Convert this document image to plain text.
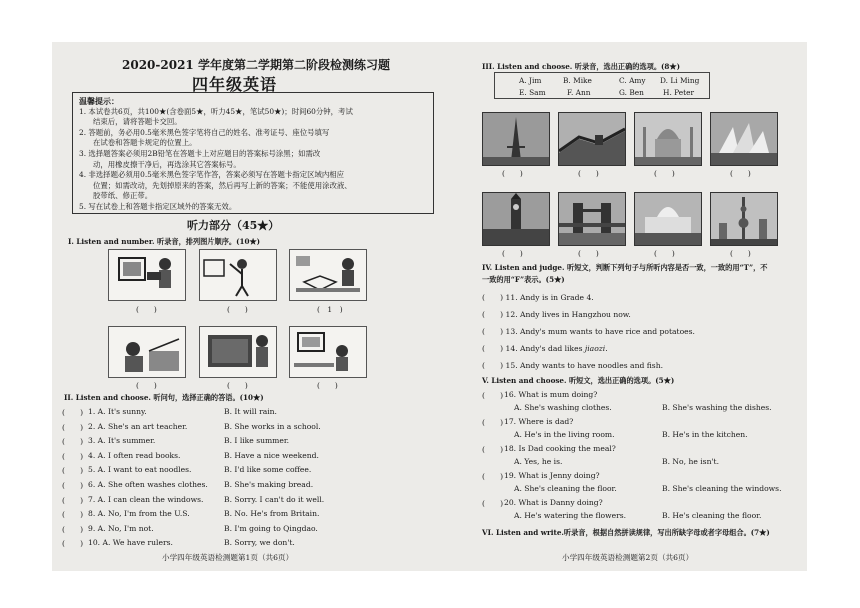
2020-2021 学年度第二学期第二阶段检测练习题
四年级英语
温馨提示：
1. 本试卷共6页，共100★(含卷面5★，听力45★，笔试50★)；时间60分钟，考试
结束后，请将答题卡交回。
2. 答题前，务必用0.5毫米黑色签字笔将自己的姓名、准考证号、座位号填写
在试卷和答题卡规定的位置上。
3. 选择题答案必须用2B铅笔在答题卡上对应题目的答案标号涂黑；如需改
动，用橡皮擦干净后，再选涂其它答案标号。
4. 非选择题必须用0.5毫米黑色签字笔作答，答案必须写在答题卡指定区域内相应
位置；如需改动，先划掉原来的答案，然后再写上新的答案；不能使用涂改液、
胶带纸、修正带。
5. 写在试卷上和答题卡指定区域外的答案无效。
听力部分（45★）
I. Listen and number. 听录音，排列图片顺序。(10★)
(　　)	(　　)	(　1　)
(　　)	(　　)	(　　)
II. Listen and choose. 听问句，选择正确的答语。(10★)
(　　) 1. A. It's sunny.	B. It will rain.
(　　) 2. A. She's an art teacher.	B. She works in a school.
(　　) 3. A. It's summer.	B. I like summer.
(　　) 4. A. I often read books.	B. Have a nice weekend.
(　　) 5. A. I want to eat noodles.	B. I'd like some coffee.
(　　) 6. A. She often washes clothes. B. She's making bread.
(　　) 7. A. I can clean the windows.	B. Sorry. I can't do it well.
(　　) 8. A. No, I'm from the U.S.	B. No. He's from Britain.
(　　) 9. A. No, I'm not.	B. I'm going to Qingdao.
(　　) 10. A. We have rulers.	B. Sorry, we don't.
小学四年级英语检测题第1页（共6页）
III. Listen and choose. 听录音，选出正确的选项。(8★)
A. Jim	B. Mike	C. Amy D. Li Ming
E. Sam	F. Ann	G. Ben	H. Peter
(　　)	(　　)	(　　)	(　　)
(　　)	(　　)	(　　)	(　　)
IV. Listen and judge. 听短文，判断下列句子与所听内容是否一致，一致的用“T”，不
一致的用“F”表示。(5★)
(　　) 11. Andy is in Grade 4.
(　　) 12. Andy lives in Hangzhou now.
(　　) 13. Andy's mum wants to have rice and potatoes.
(　　) 14. Andy's dad likes jiaozi.
(　　) 15. Andy wants to have noodles and fish.
V. Listen and choose. 听短文，选出正确的选项。(5★)
(　　) 16. What is mum doing?
A. She's washing clothes.	B. She's washing the dishes.
(　　) 17. Where is dad?
A. He's in the living room.	B. He's in the kitchen.
(　　) 18. Is Dad cooking the meal?
A. Yes, he is.	B. No, he isn't.
(　　) 19. What is Jenny doing?
A. She's cleaning the floor.	B. She's cleaning the windows.
(　　) 20. What is Danny doing?
A. He's watering the flowers.	B. He's cleaning the floor.
VI. Listen and write.听录音，根据自然拼读规律，写出所缺字母或者字母组合。(7★)
小学四年级英语检测题第2页（共6页）
